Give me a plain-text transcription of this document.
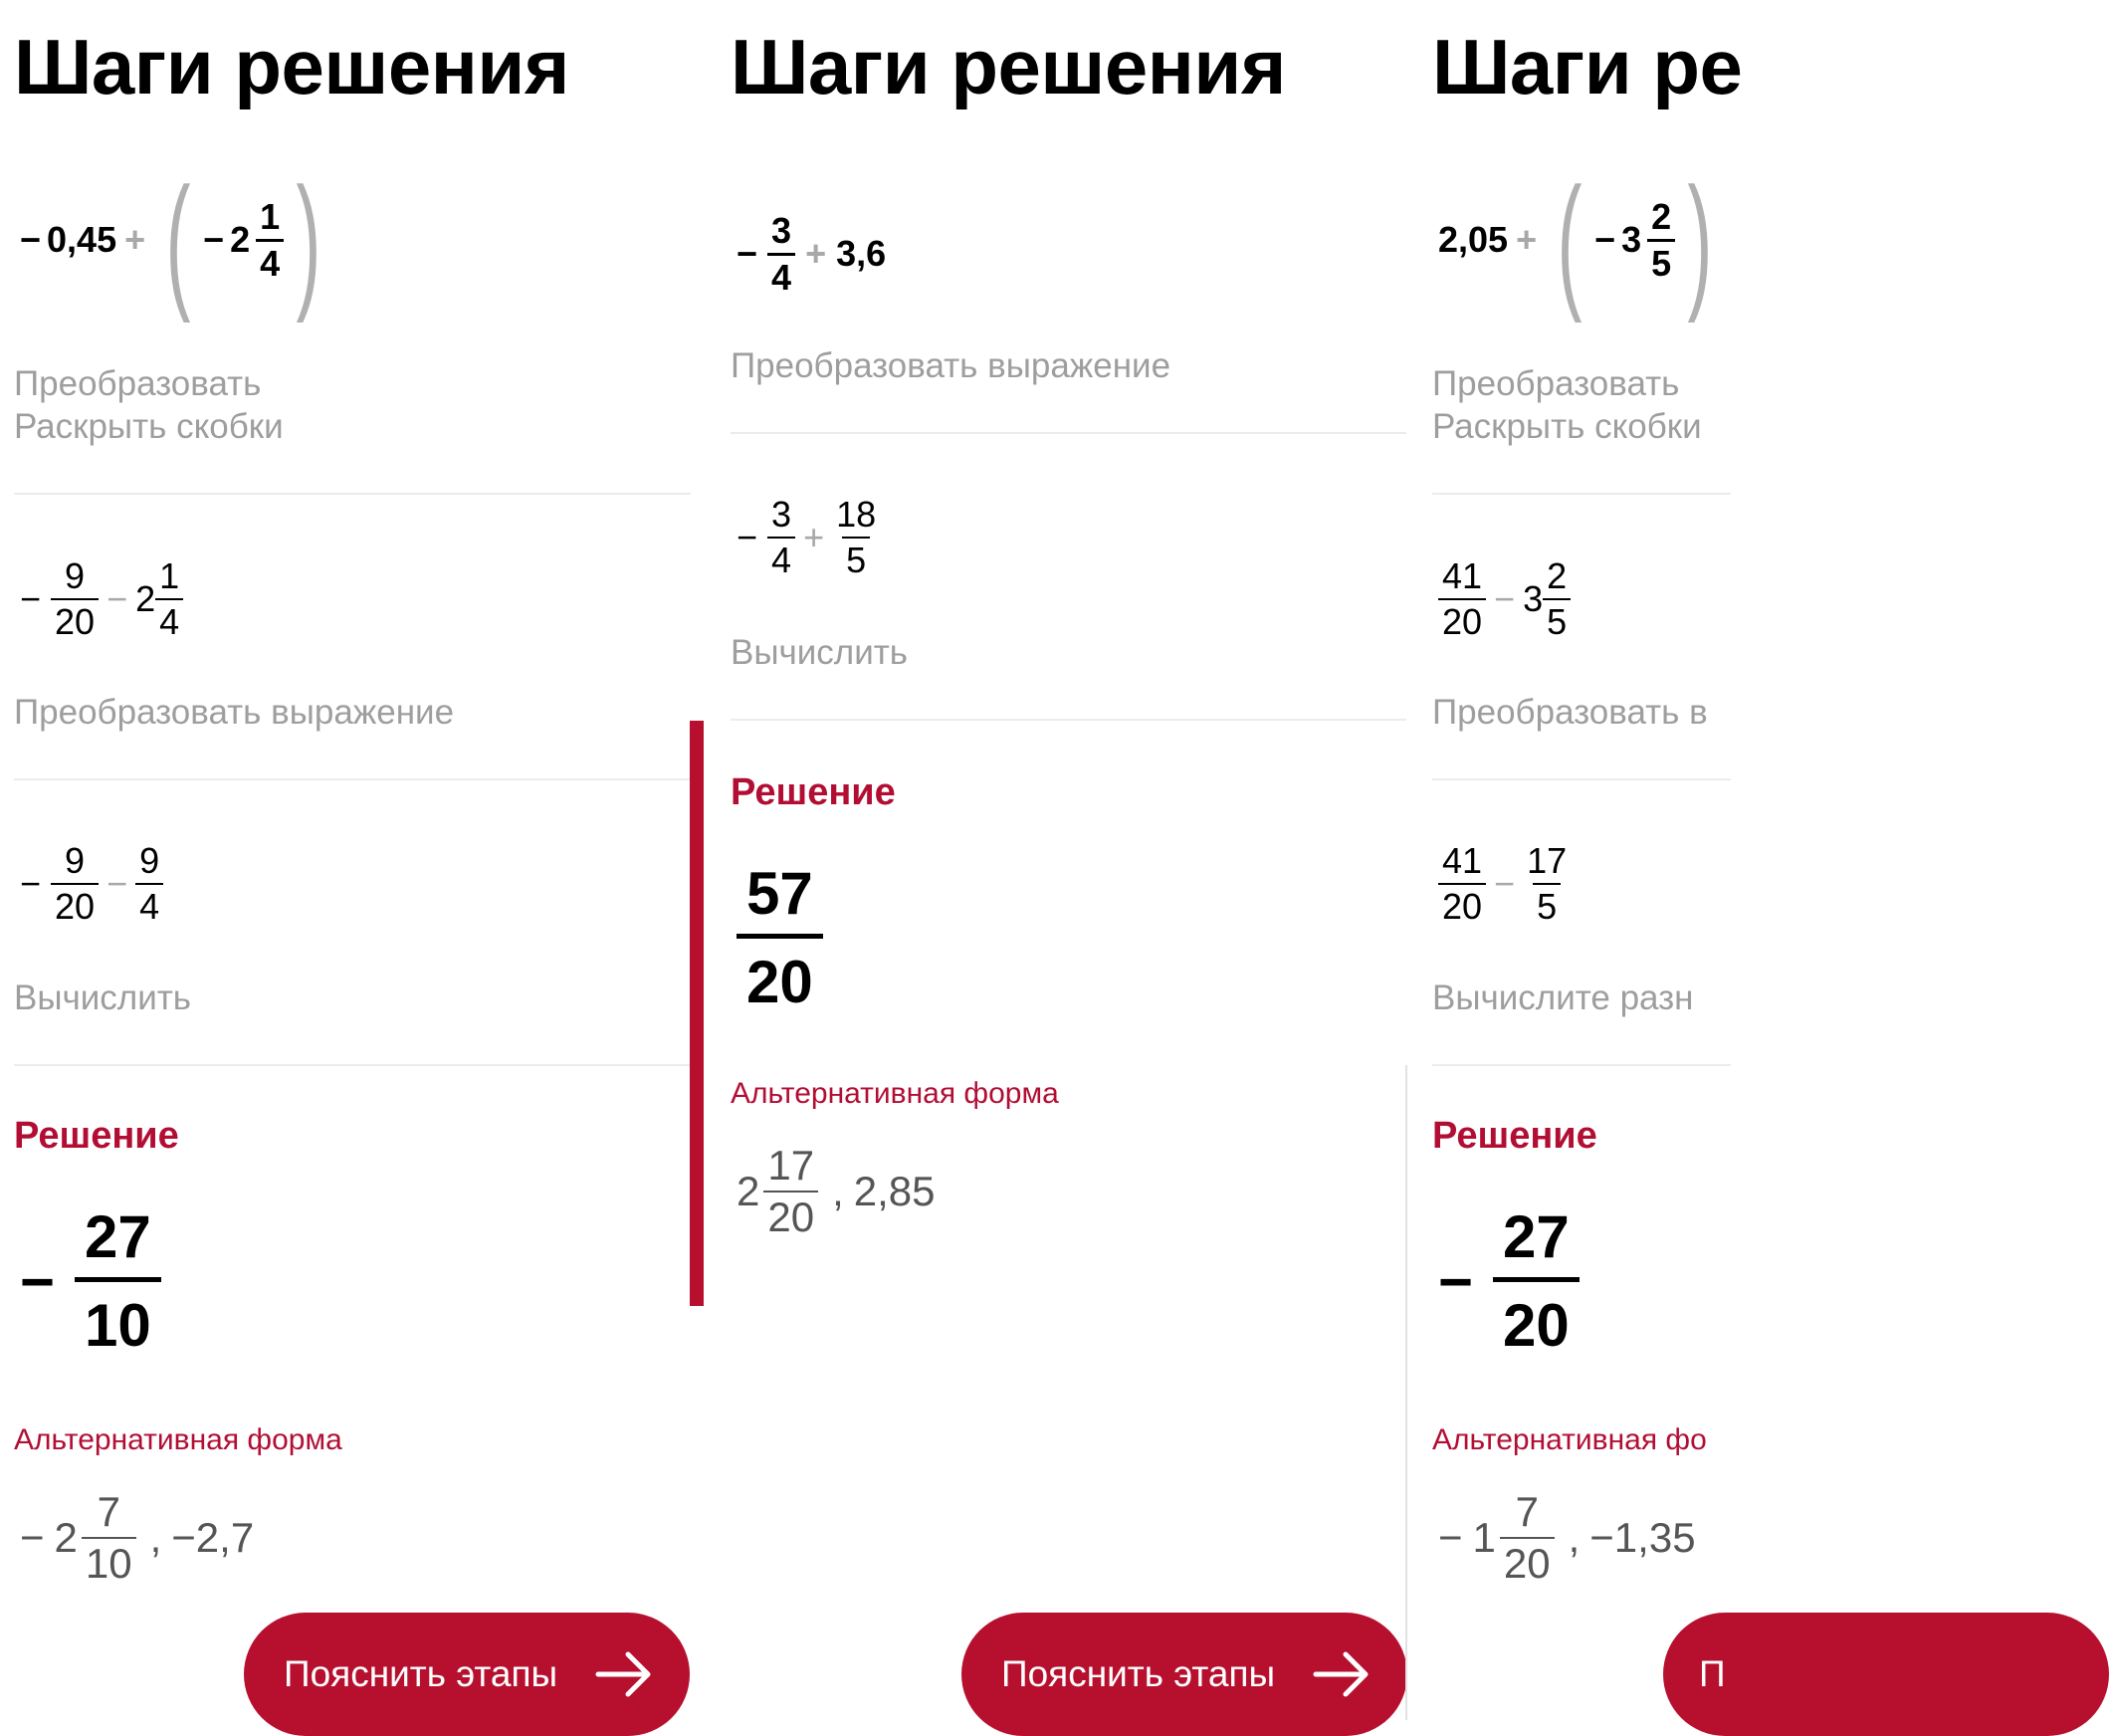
Шаги решения
− 0,45 + ( − $2 \frac{1}{4}$ )
Преобразовать
Раскрыть скобки
− $\frac{9}{20} - 2 \frac{1}{4}$
Преобразовать выражение
− $\frac{9}{20} - \frac{9}{4}$
Вычислить
Решение
− $\frac{27}{10}$
Альтернативная форма
− $2 \frac{7}{10}$ , −2,7
Пояснить этапы
Шаги решения
− $\frac{3}{4} + 3,6$
Преобразовать выражение
− $\frac{3}{4} + \frac{18}{5}$
Вычислить
Решение
$\frac{57}{20}$
Альтернативная форма
$2 \frac{17}{20}$ , 2,85
Пояснить этапы
Шаги ре
2,05 + ( − $3 \frac{2}{5}$ )
Преобразовать
Раскрыть скобки
$\frac{41}{20} - 3 \frac{2}{5}$
Преобразовать в
$\frac{41}{20} - \frac{17}{5}$
Вычислите разн
Решение
− $\frac{27}{20}$
Альтернативная фо
− $1 \frac{7}{20}$ , −1,35
П
